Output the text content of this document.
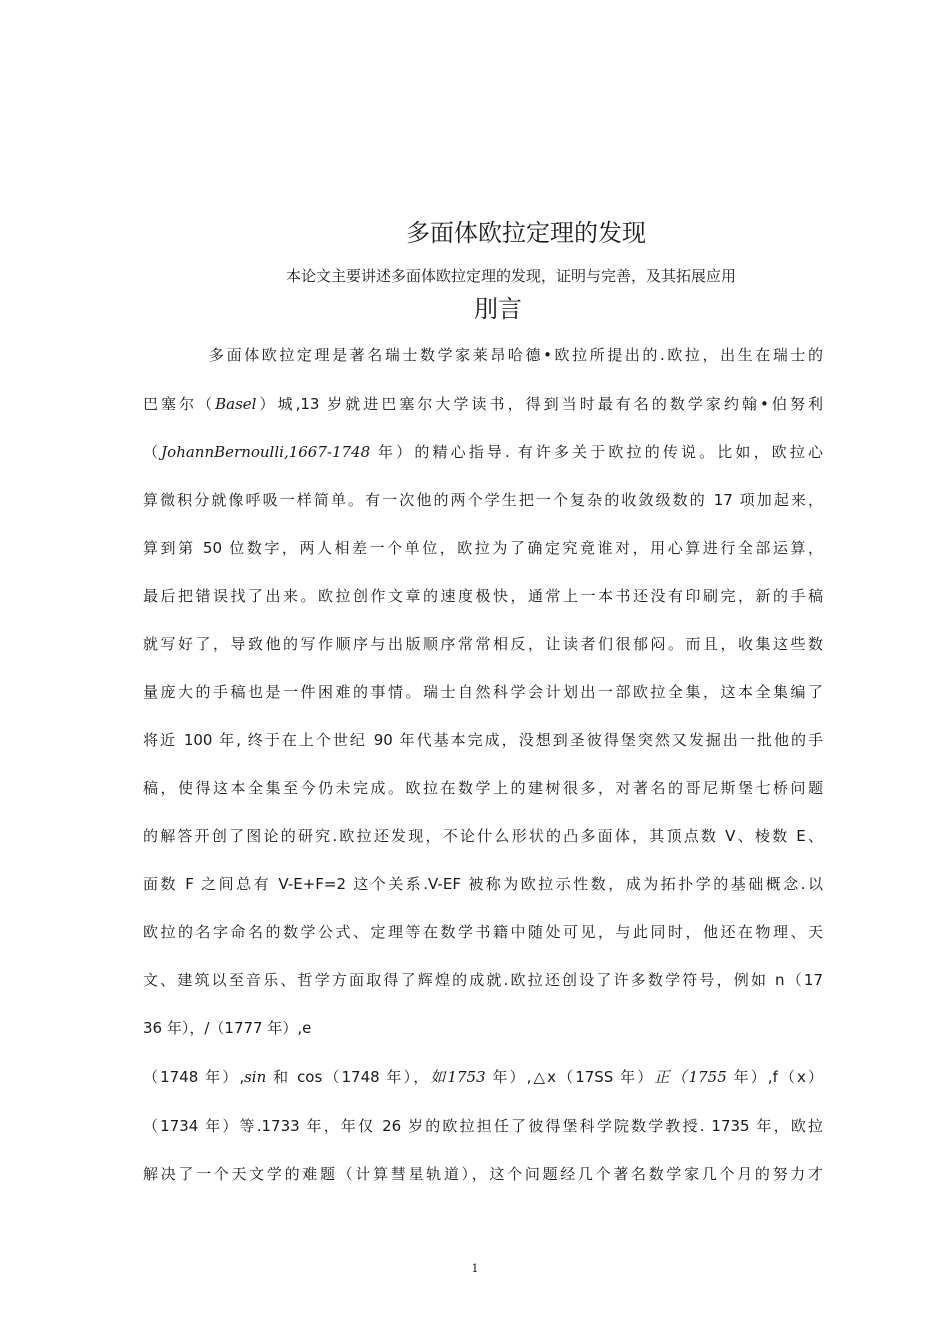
多面体欧拉定理的发现
本论文主要讲述多面体欧拉定理的发现，证明与完善，及其拓展应用
刖言
多面体欧拉定理是著名瑞士数学家莱昂哈德•欧拉所提出的.欧拉，出生在瑞士的
巴塞尔（Basel）城,13 岁就进巴塞尔大学读书，得到当时最有名的数学家约翰•伯努利
（JohannBernoulli,1667-1748 年）的精心指导. 有许多关于欧拉的传说。比如，欧拉心
算微积分就像呼吸一样简单。有一次他的两个学生把一个复杂的收敛级数的 17 项加起来，
算到第 50 位数字，两人相差一个单位，欧拉为了确定究竟谁对，用心算进行全部运算，
最后把错误找了出来。欧拉创作文章的速度极快，通常上一本书还没有印刷完，新的手稿
就写好了，导致他的写作顺序与出版顺序常常相反，让读者们很郁闷。而且，收集这些数
量庞大的手稿也是一件困难的事情。瑞士自然科学会计划出一部欧拉全集，这本全集编了
将近 100 年, 终于在上个世纪 90 年代基本完成，没想到圣彼得堡突然又发掘出一批他的手
稿，使得这本全集至今仍未完成。欧拉在数学上的建树很多，对著名的哥尼斯堡七桥问题
的解答开创了图论的研究.欧拉还发现，不论什么形状的凸多面体，其顶点数 V、棱数 E、
面数 F 之间总有 V-E+F=2 这个关系.V-EF 被称为欧拉示性数，成为拓扑学的基础概念.以
欧拉的名字命名的数学公式、定理等在数学书籍中随处可见，与此同时，他还在物理、天
文、建筑以至音乐、哲学方面取得了辉煌的成就.欧拉还创设了许多数学符号，例如 n（17
36 年），/（1777 年）,e
（1748 年）,sin 和 cos（1748 年），如1753 年）,△x（17SS 年）正（1755 年）,f（x）
（1734 年）等.1733 年，年仅 26 岁的欧拉担任了彼得堡科学院数学教授. 1735 年，欧拉
解决了一个天文学的难题（计算彗星轨道），这个问题经几个著名数学家几个月的努力才
1
